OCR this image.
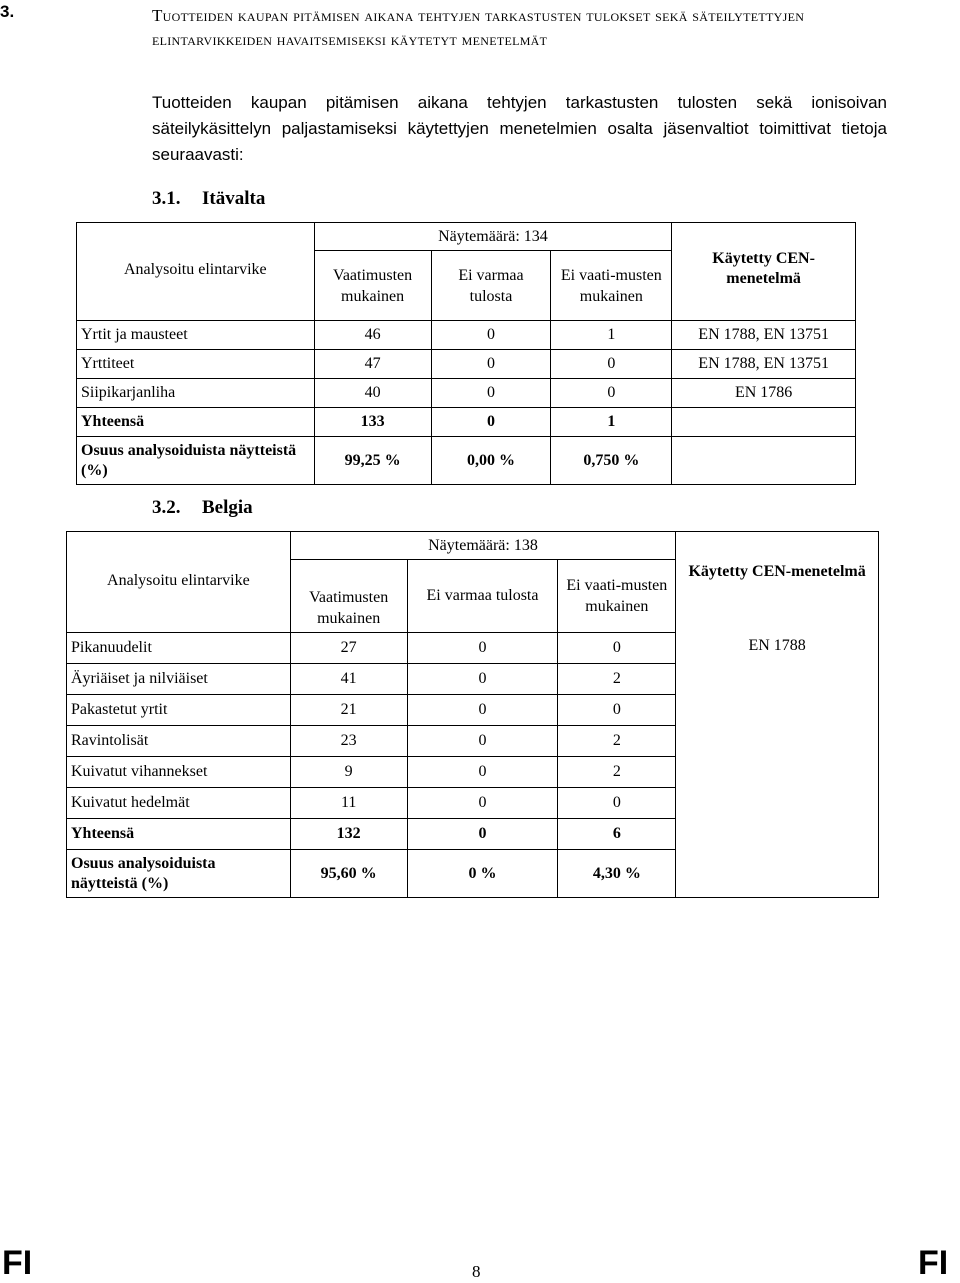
3.	Tuotteiden kaupan pitämisen aikana tehtyjen tarkastusten tulokset sekä säteilytettyjen elintarvikkeiden havaitsemiseksi käytetyt menetelmät
Tuotteiden kaupan pitämisen aikana tehtyjen tarkastusten tulosten sekä ionisoivan säteilykäsittelyn paljastamiseksi käytettyjen menetelmien osalta jäsenvaltiot toimittivat tietoja seuraavasti:
3.1. Itävalta
Analysoitu elintarvike	Näytemäärä: 134			Käytetty CEN-menetelmä
	Vaatimusten mukainen	Ei varmaa tulosta	Ei vaati-musten mukainen	
Yrtit ja mausteet	46	0	1	EN 1788, EN 13751
Yrttiteet	47	0	0	EN 1788, EN 13751
Siipikarjanliha	40	0	0	EN 1786
Yhteensä	133	0	1	
Osuus analysoiduista näytteistä (%)	99,25 %	0,00 %	0,750 %	
3.2. Belgia
Analysoitu elintarvike	Näytemäärä: 138			Käytetty CEN-menetelmä
	Vaatimusten mukainen	Ei varmaa tulosta	Ei vaati-musten mukainen	
Pikanuudelit	27	0	0	EN 1788
Äyriäiset ja nilviäiset	41	0	2	
Pakastetut yrtit	21	0	0	
Ravintolisät	23	0	2	
Kuivatut vihannekset	9	0	2	
Kuivatut hedelmät	11	0	0	
Yhteensä	132	0	6	
Osuus analysoiduista näytteistä (%)	95,60 %	0 %	4,30 %	
FI	8	FI
